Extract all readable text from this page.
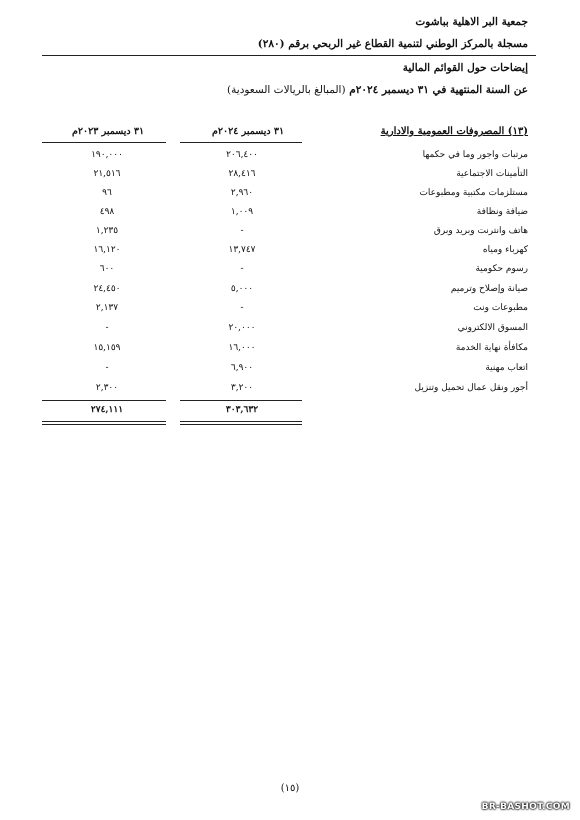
جمعية البر الاهلية بباشوت
مسجلة بالمركز الوطني لتنمية القطاع غير الربحي برقم (٢٨٠)
إيضاحات حول القوائم المالية
عن السنة المنتهية في ٣١ ديسمبر ٢٠٢٤م (المبالغ بالريالات السعودية)
(١٣) المصروفات العمومية والادارية
٣١ ديسمبر ٢٠٢٤م
٣١ ديسمبر ٢٠٢٣م
مرتبات واجور وما في حكمها
٢٠٦,٤٠٠
١٩٠,٠٠٠
التأمينات الاجتماعية
٢٨,٤١٦
٢١,٥١٦
مستلزمات مكتبية ومطبوعات
٢,٩٦٠
٩٦
ضيافة ونظافة
١,٠٠٩
٤٩٨
هاتف وانترنت وبريد وبرق
-
١,٢٣٥
كهرباء ومياه
١٣,٧٤٧
١٦,١٢٠
رسوم حكومية
-
٦٠٠
صيانة وإصلاح وترميم
٥,٠٠٠
٢٤,٤٥٠
مطبوعات ونت
-
٢,١٣٧
المسوق الالكتروني
٢٠,٠٠٠
-
مكافأة نهاية الخدمة
١٦,٠٠٠
١٥,١٥٩
اتعاب مهنية
٦,٩٠٠
-
أجور ونقل عمال تحميل وتنزيل
٣,٢٠٠
٢,٣٠٠
٣٠٣,٦٣٢
٢٧٤,١١١
(١٥)
BR-BASHOT.COM
